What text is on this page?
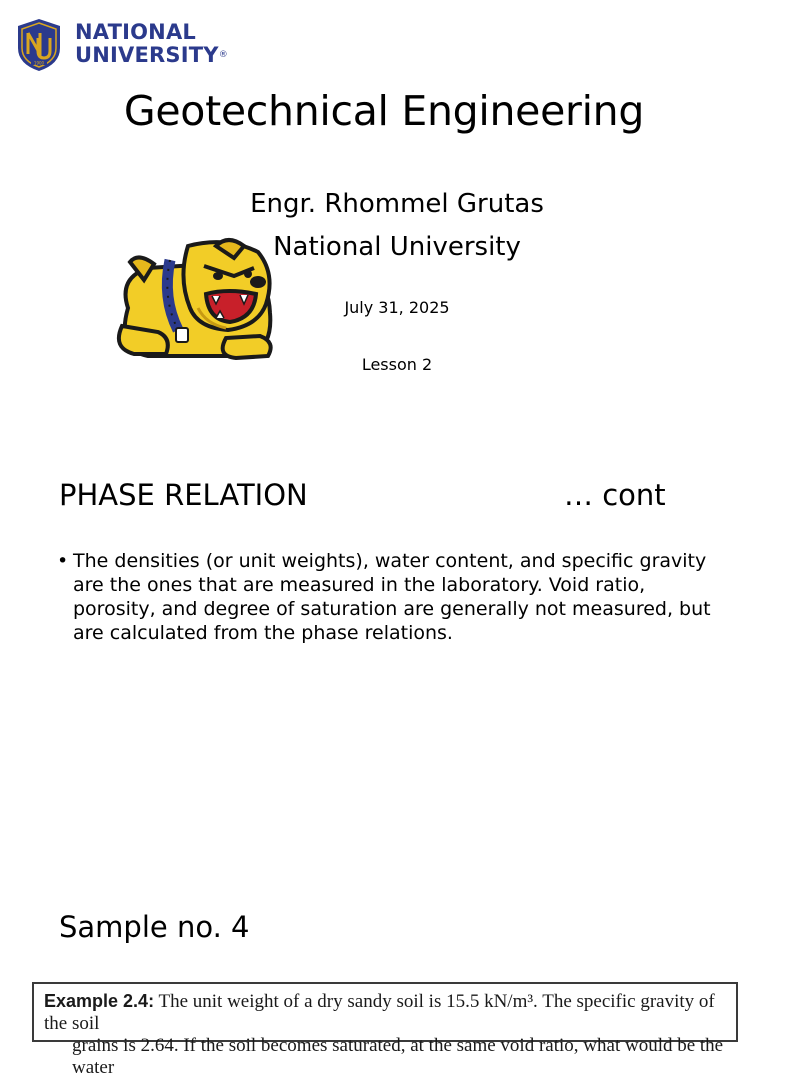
1900
NATIONAL
UNIVERSITY®
Geotechnical Engineering
Engr. Rhommel Grutas
National University
July 31, 2025
Lesson 2
PHASE RELATION	… cont
• The densities (or unit weights), water content, and specific gravity are the ones that are measured in the laboratory. Void ratio, porosity, and degree of saturation are generally not measured, but are calculated from the phase relations.
Sample no. 4
Example 2.4: The unit weight of a dry sandy soil is 15.5 kN/m³. The specific gravity of the soil
grains is 2.64. If the soil becomes saturated, at the same void ratio, what would be the water
